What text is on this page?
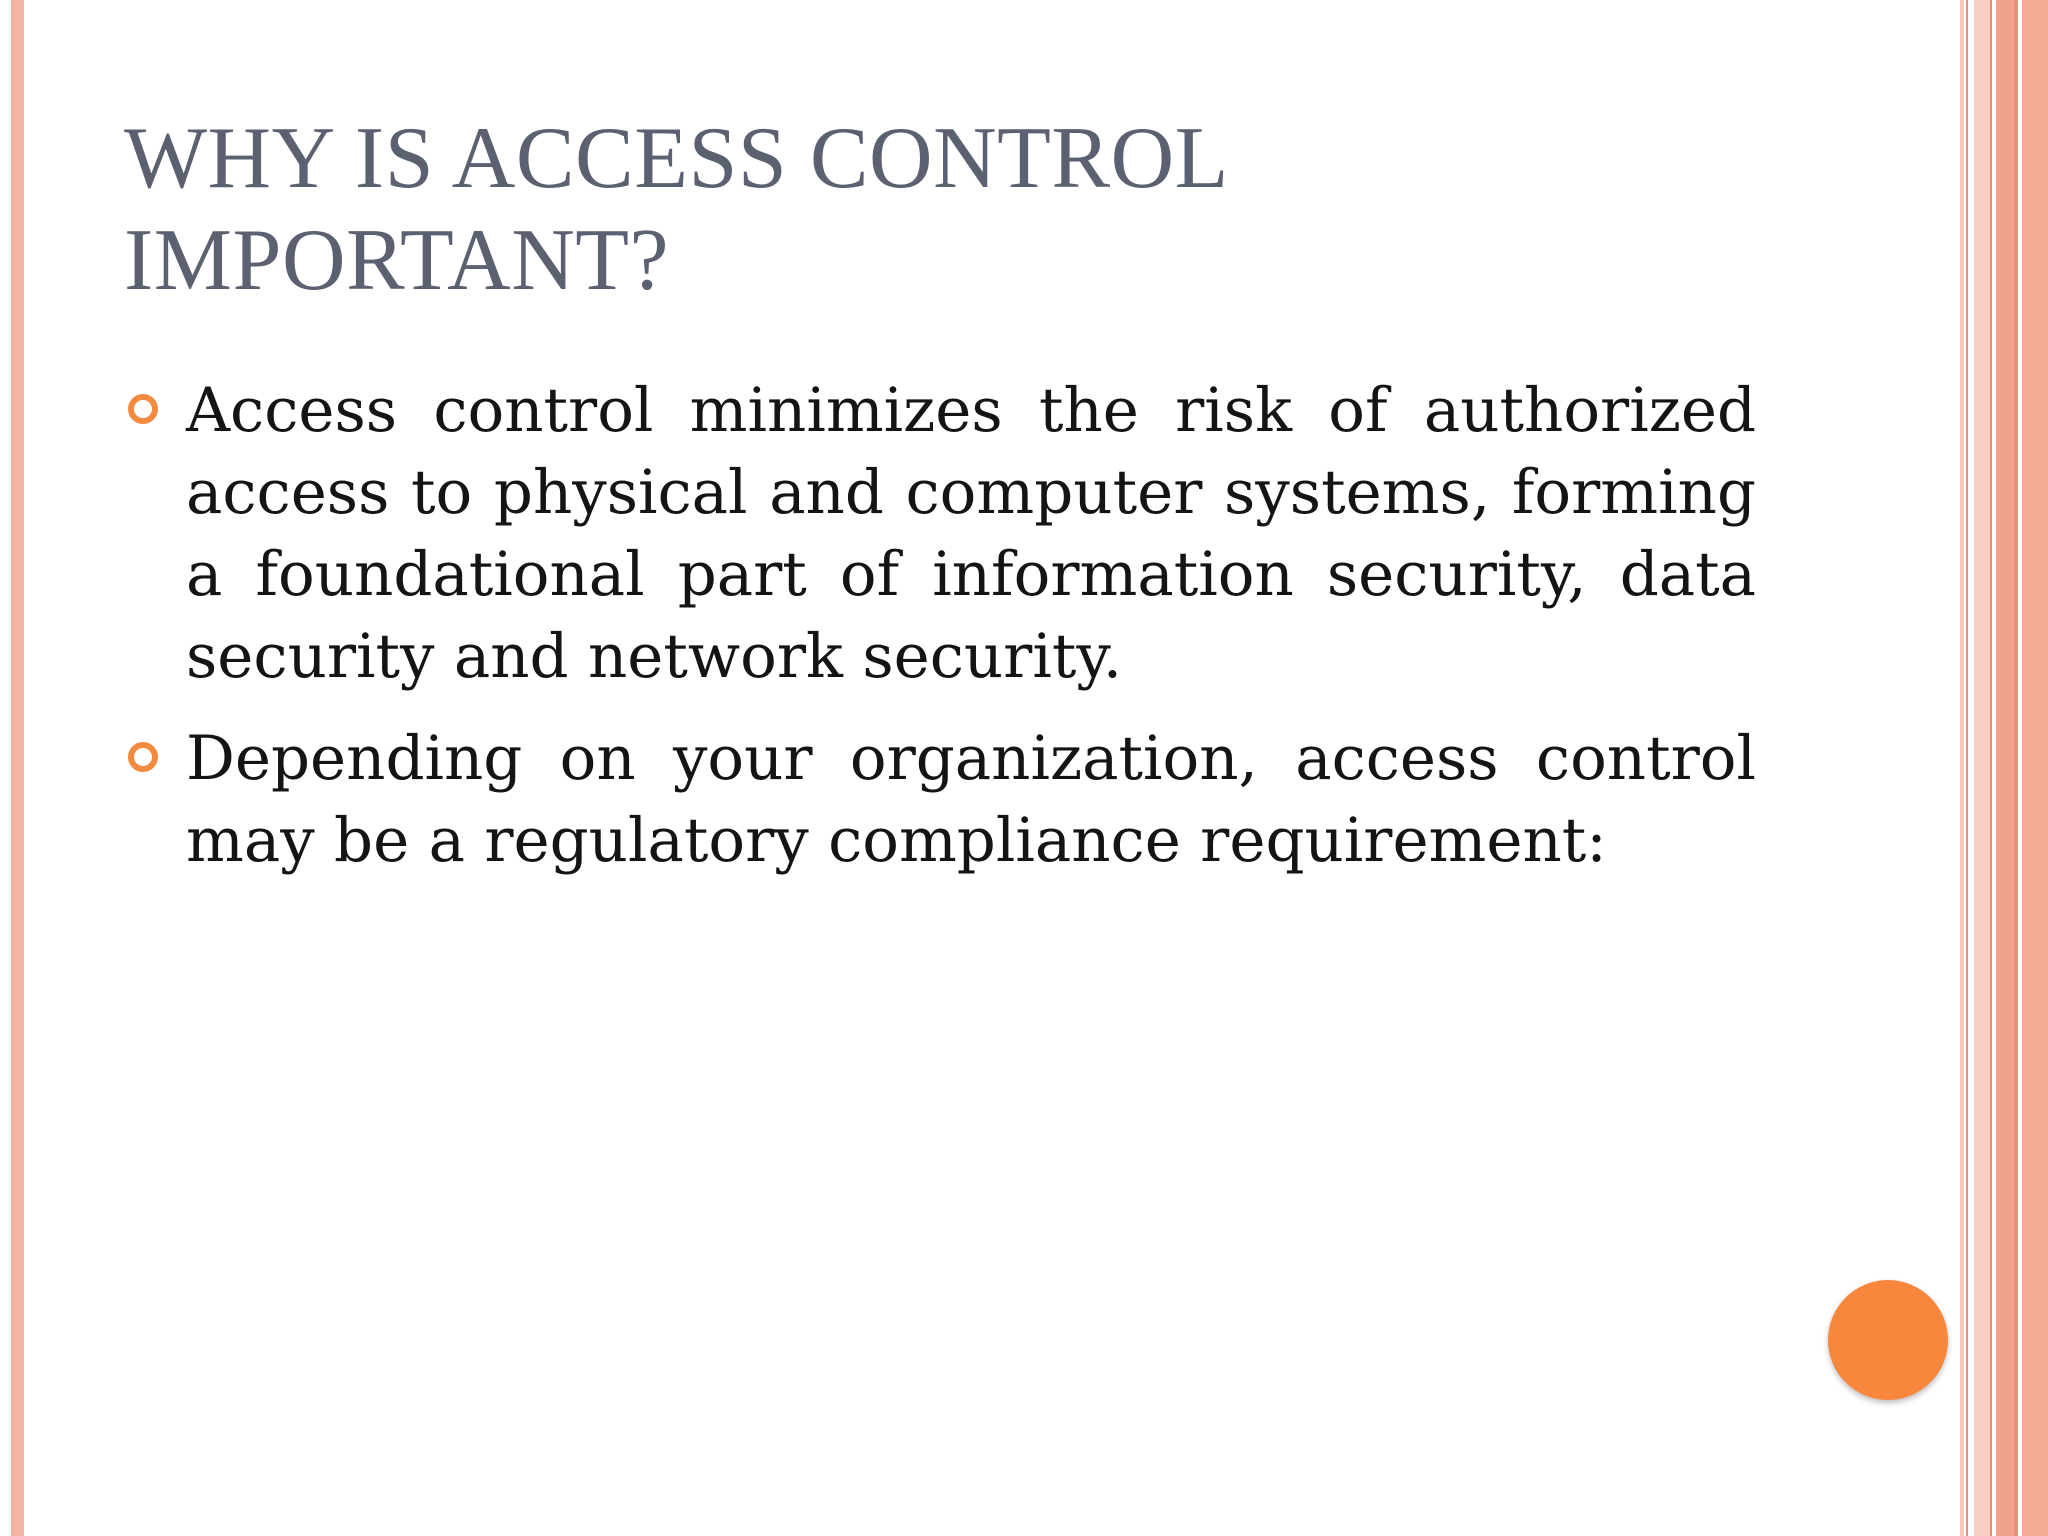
WHY IS ACCESS CONTROL IMPORTANT?
Access control minimizes the risk of authorized access to physical and computer systems, forming a foundational part of information security, data security and network security.
Depending on your organization, access control may be a regulatory compliance requirement:
